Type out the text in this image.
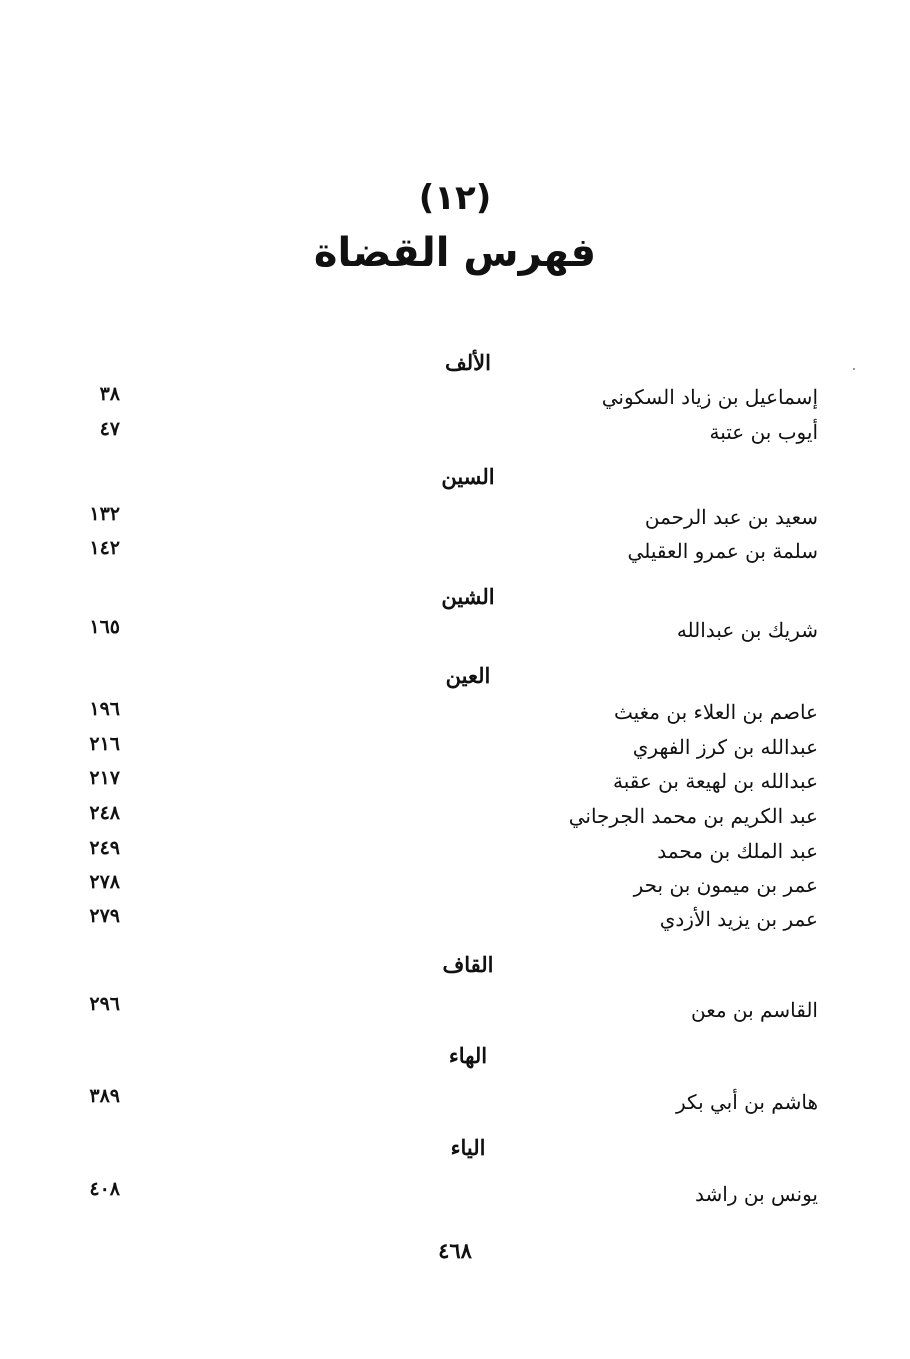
(١٢)
فهرس القضاة
الألف
إسماعيل بن زياد السكوني
٣٨
أيوب بن عتبة
٤٧
السين
سعيد بن عبد الرحمن
١٣٢
سلمة بن عمرو العقيلي
١٤٢
الشين
شريك بن عبدالله
١٦٥
العين
عاصم بن العلاء بن مغيث
١٩٦
عبدالله بن كرز الفهري
٢١٦
عبدالله بن لهيعة بن عقبة
٢١٧
عبد الكريم بن محمد الجرجاني
٢٤٨
عبد الملك بن محمد
٢٤٩
عمر بن ميمون بن بحر
٢٧٨
عمر بن يزيد الأزدي
٢٧٩
القاف
القاسم بن معن
٢٩٦
الهاء
هاشم بن أبي بكر
٣٨٩
الياء
يونس بن راشد
٤٠٨
٤٦٨
